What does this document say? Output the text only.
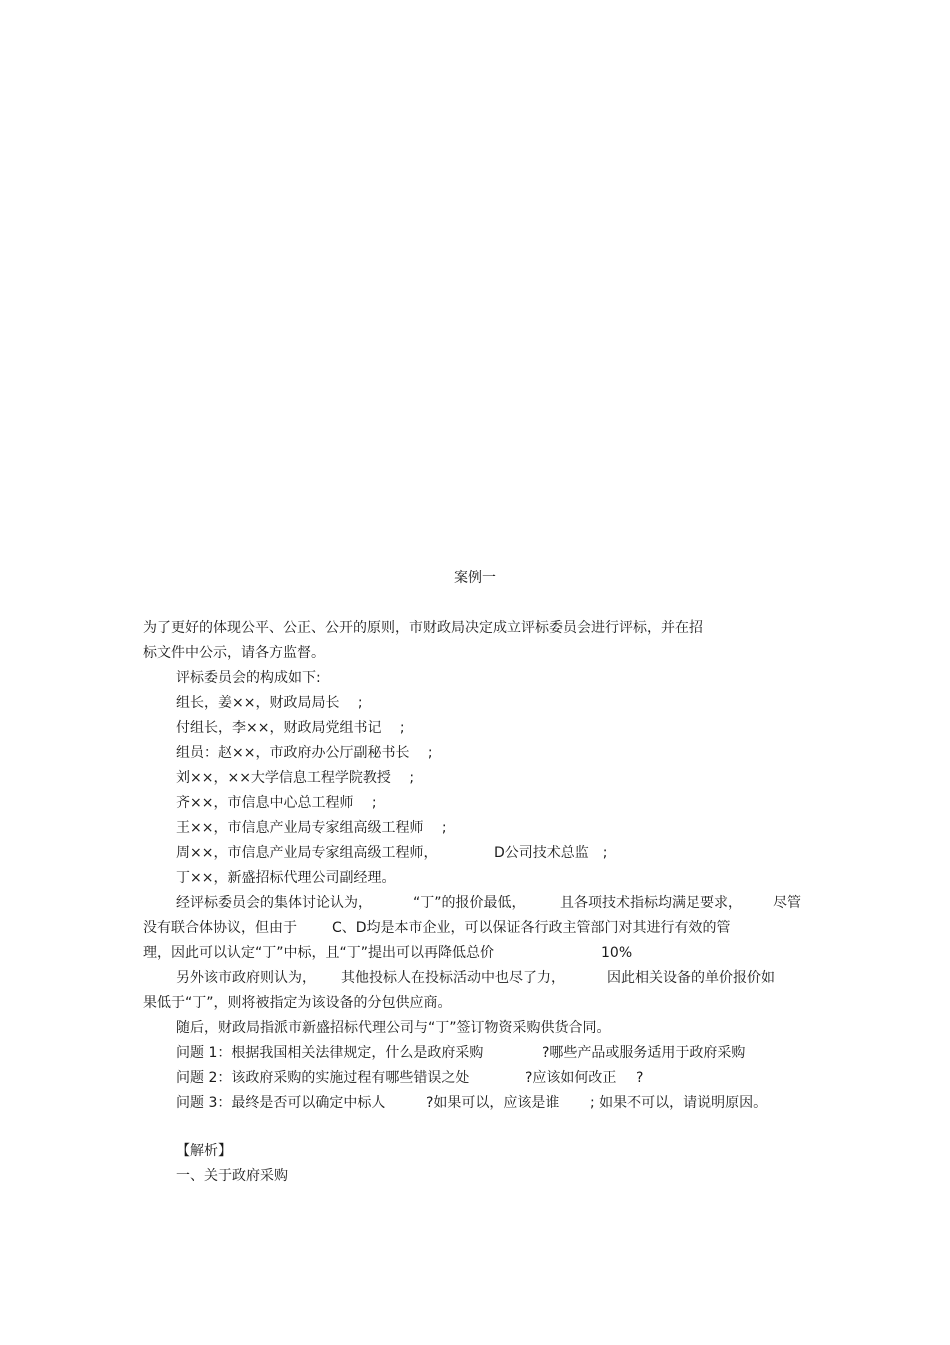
案例一
为了更好的体现公平、公正、公开的原则，市财政局决定成立评标委员会进行评标，并在招
标文件中公示，请各方监督。
评标委员会的构成如下:
组长，姜××，财政局局长　 ;
付组长，李××，财政局党组书记　 ;
组员：赵××，市政府办公厅副秘书长　 ;
刘××，××大学信息工程学院教授　 ;
齐××，市信息中心总工程师　 ;
王××，市信息产业局专家组高级工程师　 ;
周××，市信息产业局专家组高级工程师，	D公司技术总监　;
丁××，新盛招标代理公司副经理。
经评标委员会的集体讨论认为，	“丁”的报价最低， 且各项技术指标均满足要求， 尽管
没有联合体协议，但由于	C、D均是本市企业，可以保证各行政主管部门对其进行有效的管
理，因此可以认定“丁”中标，且“丁”提出可以再降低总价	10%
另外该市政府则认为， 其他投标人在投标活动中也尽了力，	因此相关设备的单价报价如
果低于“丁”，则将被指定为该设备的分包供应商。
随后，财政局指派市新盛招标代理公司与“丁”签订物资采购供货合同。
问题 1：根据我国相关法律规定，什么是政府采购	?哪些产品或服务适用于政府采购
问题 2：该政府采购的实施过程有哪些错误之处	?应该如何改正 ?
问题 3：最终是否可以确定中标人	?如果可以，应该是谁 ; 如果不可以，请说明原因。
【解析】
一、关于政府采购
